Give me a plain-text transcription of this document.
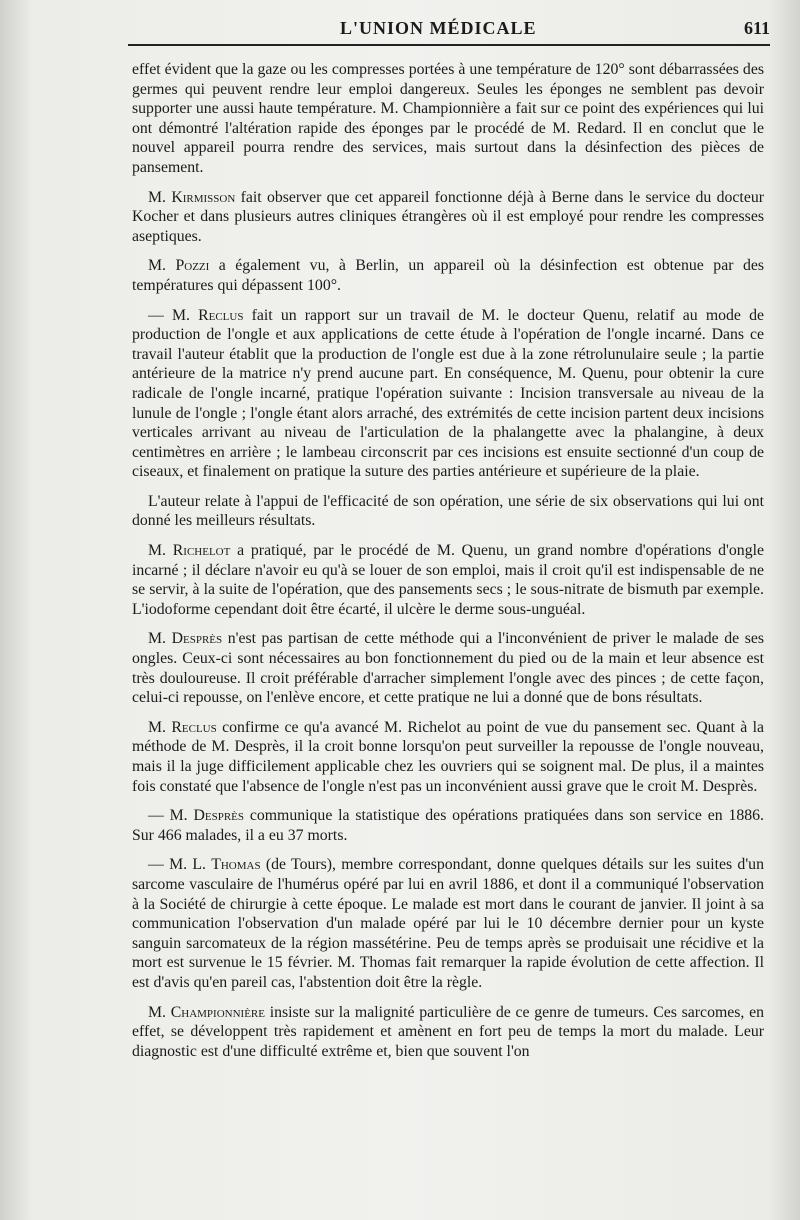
L'UNION MÉDICALE	611

effet évident que la gaze ou les compresses portées à une température de 120° sont débarrassées des germes qui peuvent rendre leur emploi dangereux. Seules les éponges ne semblent pas devoir supporter une aussi haute température. M. Championnière a fait sur ce point des expériences qui lui ont démontré l'altération rapide des éponges par le procédé de M. Redard. Il en conclut que le nouvel appareil pourra rendre des services, mais surtout dans la désinfection des pièces de pansement.

M. Kirmisson fait observer que cet appareil fonctionne déjà à Berne dans le service du docteur Kocher et dans plusieurs autres cliniques étrangères où il est employé pour rendre les compresses aseptiques.

M. Pozzi a également vu, à Berlin, un appareil où la désinfection est obtenue par des températures qui dépassent 100°.

— M. Reclus fait un rapport sur un travail de M. le docteur Quenu, relatif au mode de production de l'ongle et aux applications de cette étude à l'opération de l'ongle incarné. Dans ce travail l'auteur établit que la production de l'ongle est due à la zone rétrolunulaire seule ; la partie antérieure de la matrice n'y prend aucune part. En conséquence, M. Quenu, pour obtenir la cure radicale de l'ongle incarné, pratique l'opération suivante : Incision transversale au niveau de la lunule de l'ongle ; l'ongle étant alors arraché, des extrémités de cette incision partent deux incisions verticales arrivant au niveau de l'articulation de la phalangette avec la phalangine, à deux centimètres en arrière ; le lambeau circonscrit par ces incisions est ensuite sectionné d'un coup de ciseaux, et finalement on pratique la suture des parties antérieure et supérieure de la plaie.

L'auteur relate à l'appui de l'efficacité de son opération, une série de six observations qui lui ont donné les meilleurs résultats.

M. Richelot a pratiqué, par le procédé de M. Quenu, un grand nombre d'opérations d'ongle incarné ; il déclare n'avoir eu qu'à se louer de son emploi, mais il croit qu'il est indispensable de ne se servir, à la suite de l'opération, que des pansements secs ; le sous-nitrate de bismuth par exemple. L'iodoforme cependant doit être écarté, il ulcère le derme sous-unguéal.

M. Desprès n'est pas partisan de cette méthode qui a l'inconvénient de priver le malade de ses ongles. Ceux-ci sont nécessaires au bon fonctionnement du pied ou de la main et leur absence est très douloureuse. Il croit préférable d'arracher simplement l'ongle avec des pinces ; de cette façon, celui-ci repousse, on l'enlève encore, et cette pratique ne lui a donné que de bons résultats.

M. Reclus confirme ce qu'a avancé M. Richelot au point de vue du pansement sec. Quant à la méthode de M. Desprès, il la croit bonne lorsqu'on peut surveiller la repousse de l'ongle nouveau, mais il la juge difficilement applicable chez les ouvriers qui se soignent mal. De plus, il a maintes fois constaté que l'absence de l'ongle n'est pas un inconvénient aussi grave que le croit M. Desprès.

— M. Desprès communique la statistique des opérations pratiquées dans son service en 1886. Sur 466 malades, il a eu 37 morts.

— M. L. Thomas (de Tours), membre correspondant, donne quelques détails sur les suites d'un sarcome vasculaire de l'humérus opéré par lui en avril 1886, et dont il a communiqué l'observation à la Société de chirurgie à cette époque. Le malade est mort dans le courant de janvier. Il joint à sa communication l'observation d'un malade opéré par lui le 10 décembre dernier pour un kyste sanguin sarcomateux de la région massétérine. Peu de temps après se produisait une récidive et la mort est survenue le 15 février. M. Thomas fait remarquer la rapide évolution de cette affection. Il est d'avis qu'en pareil cas, l'abstention doit être la règle.

M. Championnière insiste sur la malignité particulière de ce genre de tumeurs. Ces sarcomes, en effet, se développent très rapidement et amènent en fort peu de temps la mort du malade. Leur diagnostic est d'une difficulté extrême et, bien que souvent l'on
